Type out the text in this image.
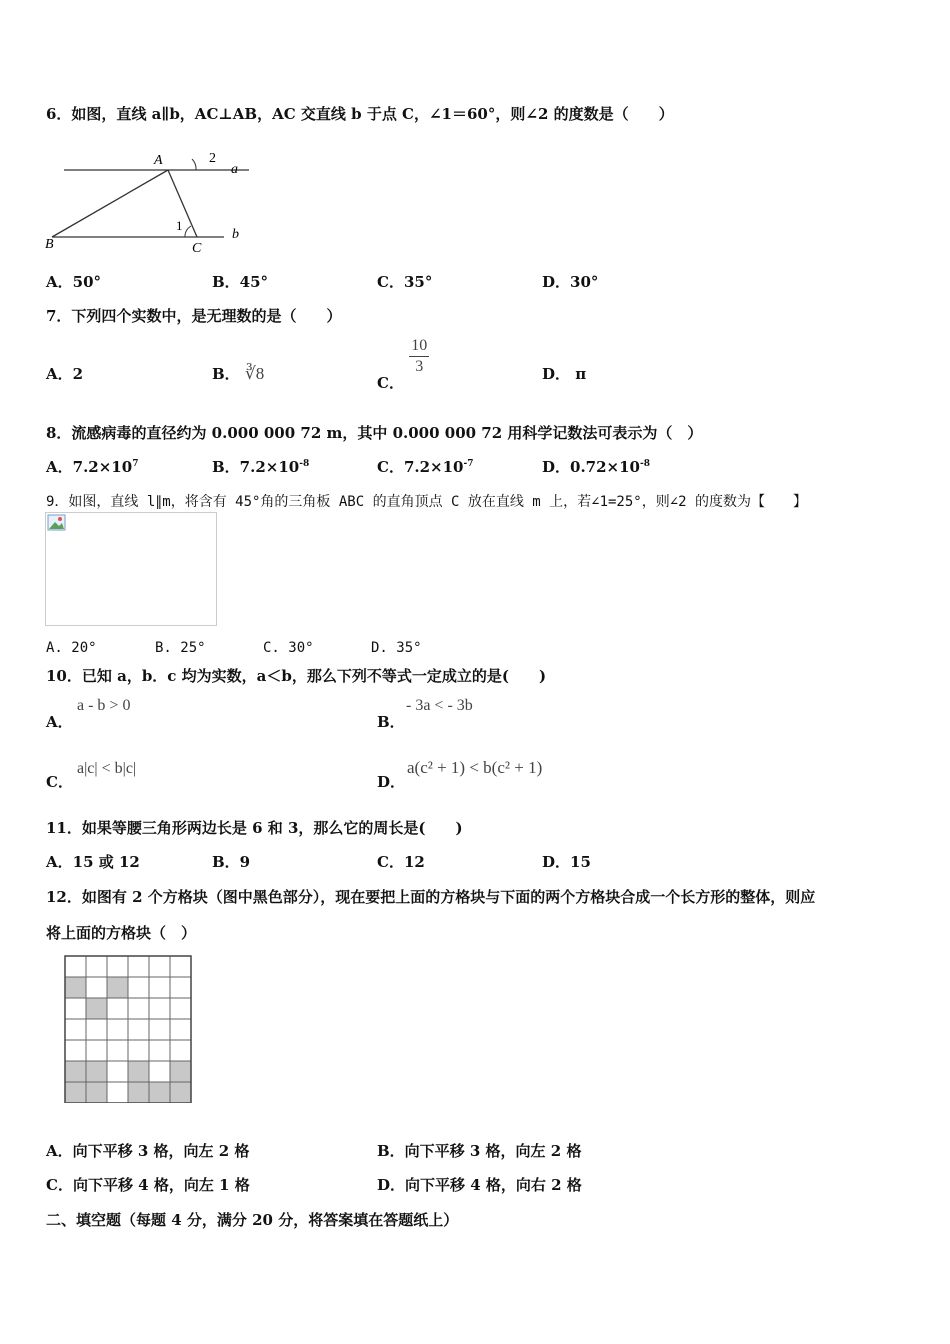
6．如图，直线 a∥b，AC⊥AB，AC 交直线 b 于点 C，∠1＝60°，则∠2 的度数是（　　）
A	2
a
1
b
B	C
A．50°	B．45°	C．35°	D．30°
7．下列四个实数中，是无理数的是（　　）
A．2	B． ∛8	C．
$\frac{10}{3}$	D． π
8．流感病毒的直径约为 0.000 000 72 m，其中 0.000 000 72 用科学记数法可表示为（　）
A．$7.2\times 10^7$	B．$7.2\times 10^{-8}$	C．$7.2\times 10^{-7}$	D．$0.72\times 10^{-8}$
9．如图，直线 l∥m，将含有 45°角的三角板 ABC 的直角顶点 C 放在直线 m 上，若∠1=25°，则∠2 的度数为【　　】
A. 20°	B. 25°	C. 30°	D. 35°
10．已知 a，b．c 均为实数，a＜b，那么下列不等式一定成立的是(　　)
A．
a - b > 0
B．
- 3a < - 3b
C．
a|c| < b|c|
D．
a(c² + 1) < b(c² + 1)
11．如果等腰三角形两边长是 6 和 3，那么它的周长是(　　)
A．15 或 12	B．9	C．12	D．15
12．如图有 2 个方格块（图中黑色部分），现在要把上面的方格块与下面的两个方格块合成一个长方形的整体，则应
将上面的方格块（　）
A．向下平移 3 格，向左 2 格	B．向下平移 3 格，向左 2 格
C．向下平移 4 格，向左 1 格	D．向下平移 4 格，向右 2 格
二、填空题（每题 4 分，满分 20 分，将答案填在答题纸上）
